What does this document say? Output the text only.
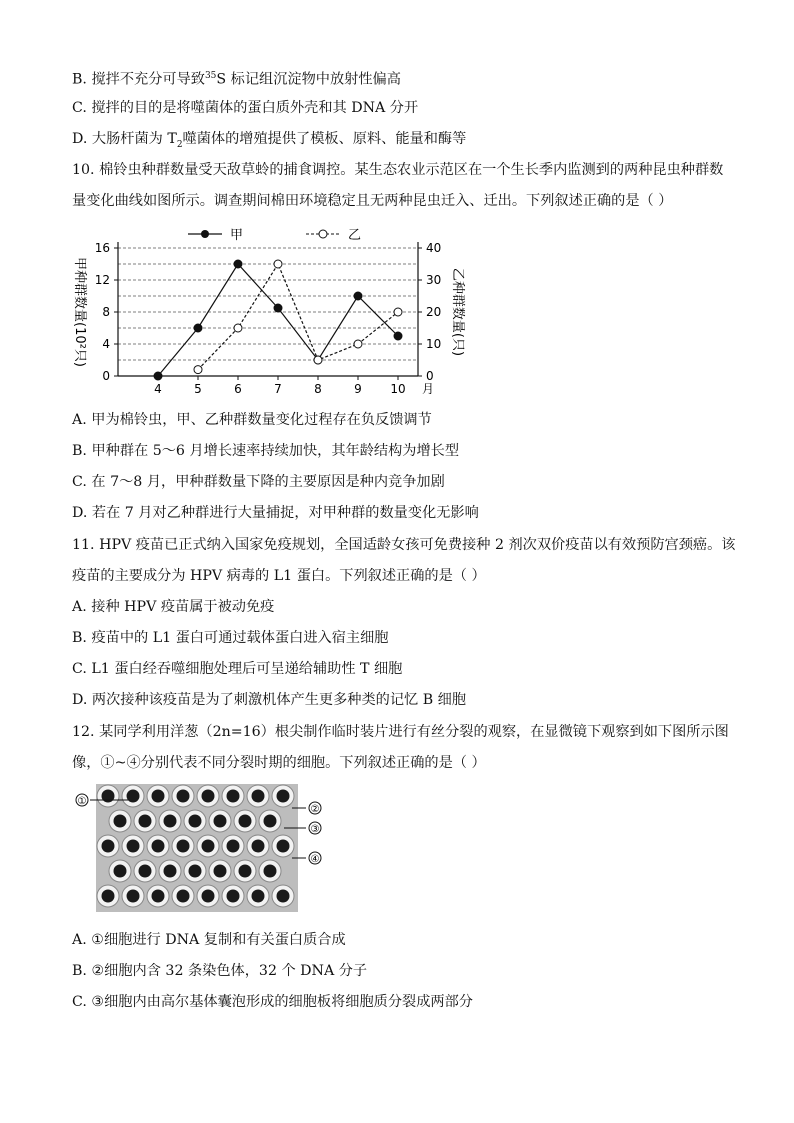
B. 搅拌不充分可导致$^{35}$S 标记组沉淀物中放射性偏高
C. 搅拌的目的是将噬菌体的蛋白质外壳和其 DNA 分开
D. 大肠杆菌为 $T_2$噬菌体的增殖提供了模板、原料、能量和酶等
10. 棉铃虫种群数量受天敌草蛉的捕食调控。某生态农业示范区在一个生长季内监测到的两种昆虫种群数
量变化曲线如图所示。调查期间棉田环境稳定且无两种昆虫迁入、迁出。下列叙述正确的是（ ）
0
4
8
12
16
0
10
20
30
40
4	5	6	7	8	9 10 月
甲种群数量(10²只)	乙种群数量(只)
甲	乙
A. 甲为棉铃虫，甲、乙种群数量变化过程存在负反馈调节
B. 甲种群在 5～6 月增长速率持续加快，其年龄结构为增长型
C. 在 7～8 月，甲种群数量下降的主要原因是种内竞争加剧
D. 若在 7 月对乙种群进行大量捕捉，对甲种群的数量变化无影响
11. HPV 疫苗已正式纳入国家免疫规划，全国适龄女孩可免费接种 2 剂次双价疫苗以有效预防宫颈癌。该
疫苗的主要成分为 HPV 病毒的 L1 蛋白。下列叙述正确的是（ ）
A. 接种 HPV 疫苗属于被动免疫
B. 疫苗中的 L1 蛋白可通过载体蛋白进入宿主细胞
C. L1 蛋白经吞噬细胞处理后可呈递给辅助性 T 细胞
D. 两次接种该疫苗是为了刺激机体产生更多种类的记忆 B 细胞
12. 某同学利用洋葱（2n=16）根尖制作临时装片进行有丝分裂的观察，在显微镜下观察到如下图所示图
像，①~④分别代表不同分裂时期的细胞。下列叙述正确的是（ ）
①
②
③
④
A. ①细胞进行 DNA 复制和有关蛋白质合成
B. ②细胞内含 32 条染色体，32 个 DNA 分子
C. ③细胞内由高尔基体囊泡形成的细胞板将细胞质分裂成两部分
